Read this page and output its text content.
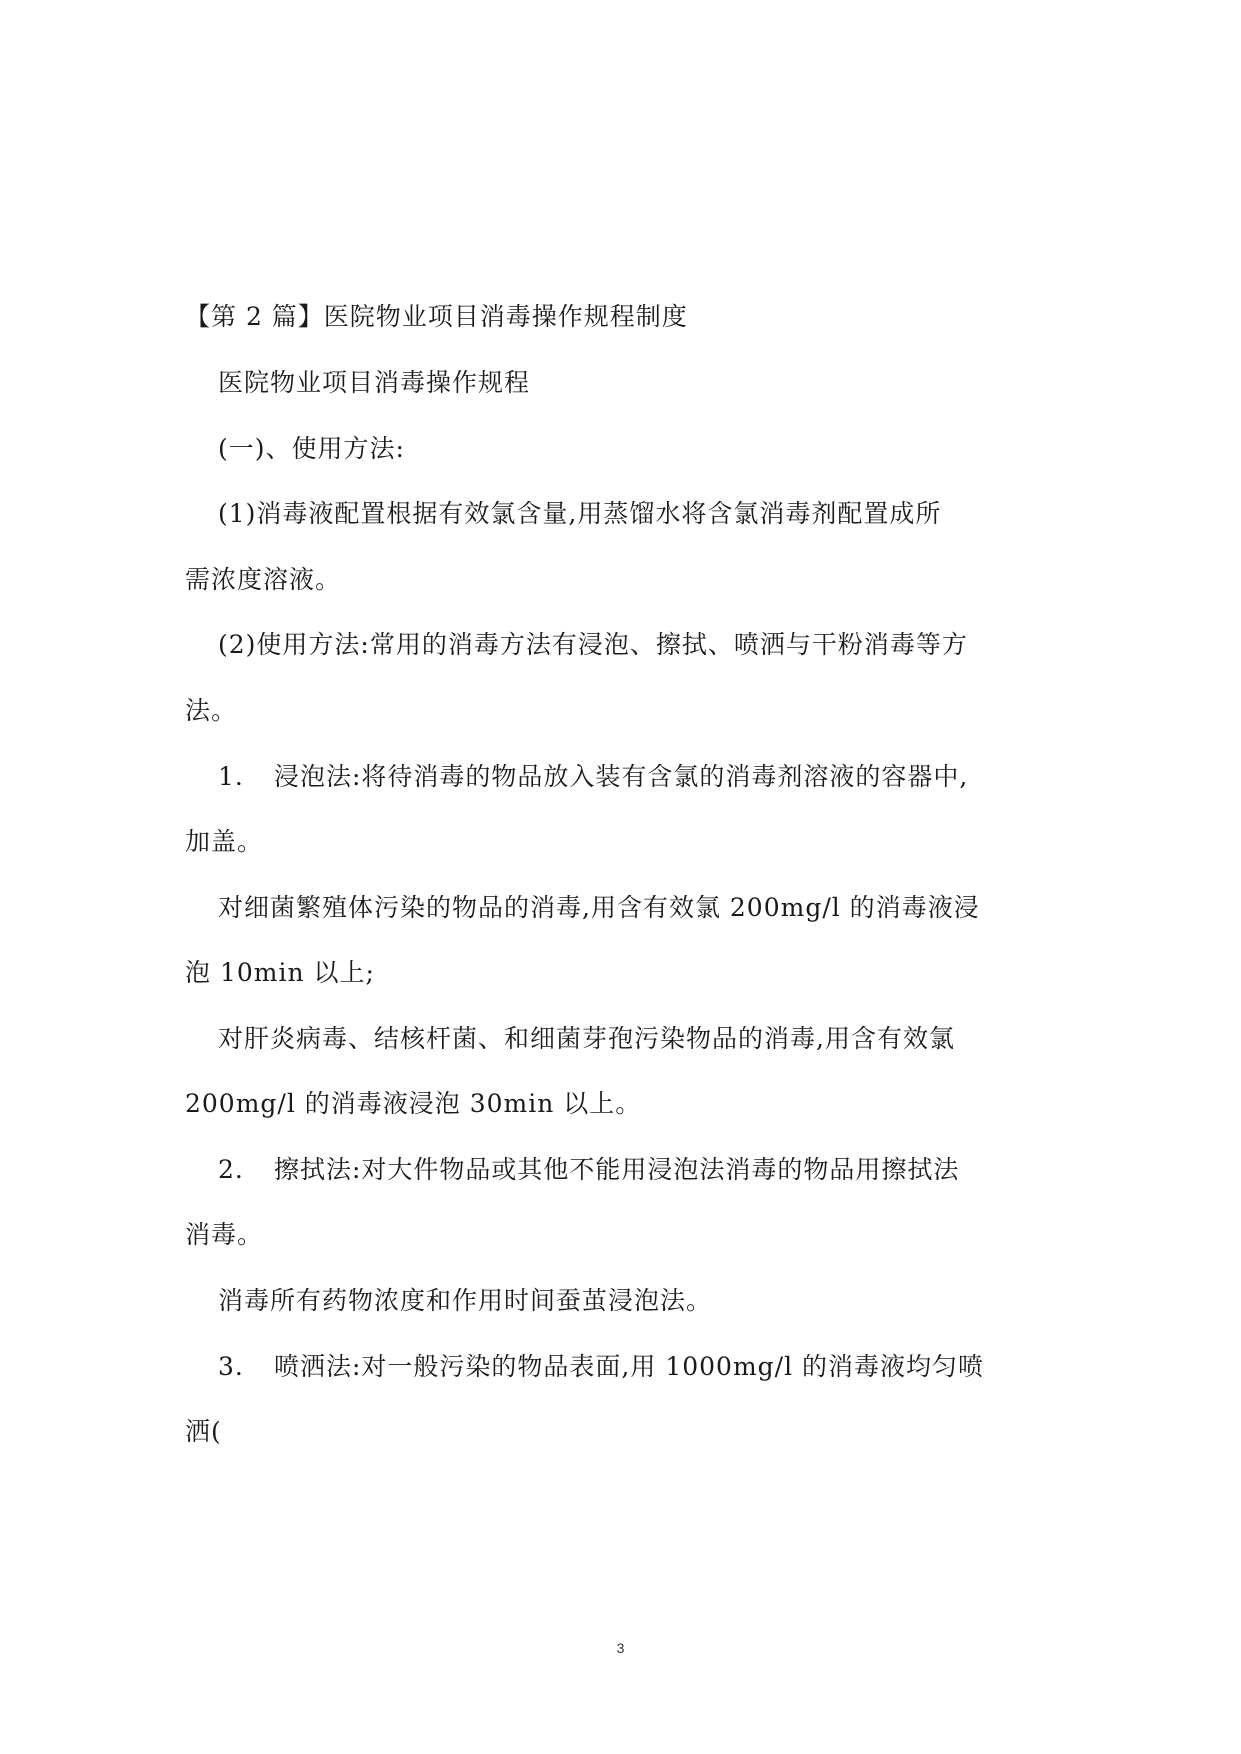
【第 2 篇】医院物业项目消毒操作规程制度

医院物业项目消毒操作规程

(一)、使用方法:

(1)消毒液配置根据有效氯含量,用蒸馏水将含氯消毒剂配置成所

需浓度溶液。

(2)使用方法:常用的消毒方法有浸泡、擦拭、喷洒与干粉消毒等方

法。

1. 浸泡法:将待消毒的物品放入装有含氯的消毒剂溶液的容器中,

加盖。

对细菌繁殖体污染的物品的消毒,用含有效氯 200mg/l 的消毒液浸

泡 10min 以上;

对肝炎病毒、结核杆菌、和细菌芽孢污染物品的消毒,用含有效氯

200mg/l 的消毒液浸泡 30min 以上。

2. 擦拭法:对大件物品或其他不能用浸泡法消毒的物品用擦拭法

消毒。

消毒所有药物浓度和作用时间蚕茧浸泡法。

3. 喷洒法:对一般污染的物品表面,用 1000mg/l 的消毒液均匀喷

洒(

3
